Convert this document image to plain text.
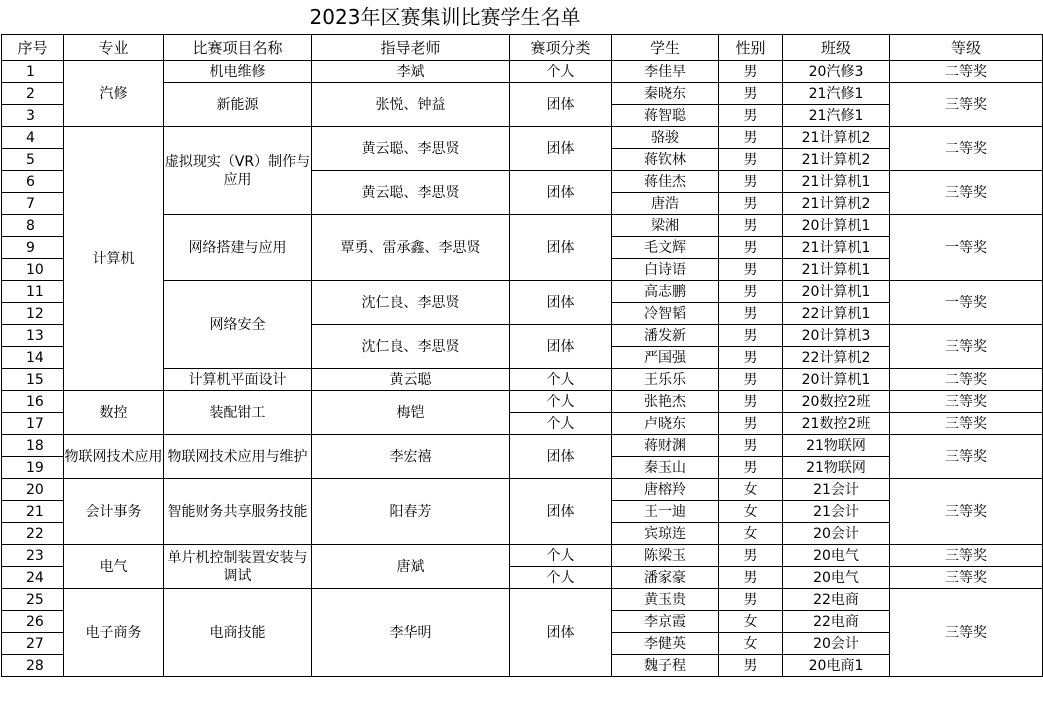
2023年区赛集训比赛学生名单
序号	专业	比赛项目名称	指导老师	赛项分类	学生	性别	班级	等级
1	汽修	机电维修	李斌	个人	李佳早	男	20汽修3	二等奖
2		新能源	张悦、钟益	团体	秦晓东	男	21汽修1	三等奖
3					蒋智聪	男	21汽修1	
4	计算机	虚拟现实（VR）制作与应用	黄云聪、李思贤	团体	骆骏	男	21计算机2	二等奖
5					蒋钦林	男	21计算机2	
6			黄云聪、李思贤	团体	蒋佳杰	男	21计算机1	三等奖
7					唐浩	男	21计算机2	
8		网络搭建与应用	覃勇、雷承鑫、李思贤	团体	梁湘	男	20计算机1	一等奖
9					毛文辉	男	21计算机1	
10					白诗语	男	21计算机1	
11		网络安全	沈仁良、李思贤	团体	高志鹏	男	20计算机1	一等奖
12					冷智韬	男	22计算机1	
13			沈仁良、李思贤	团体	潘发新	男	20计算机3	三等奖
14					严国强	男	22计算机2	
15		计算机平面设计	黄云聪	个人	王乐乐	男	20计算机1	二等奖
16	数控	装配钳工	梅铠	个人	张艳杰	男	20数控2班	三等奖
17				个人	卢晓东	男	21数控2班	三等奖
18	物联网技术应用	物联网技术应用与维护	李宏禧	团体	蒋财渊	男	21物联网	三等奖
19					秦玉山	男	21物联网	
20	会计事务	智能财务共享服务技能	阳春芳	团体	唐榕羚	女	21会计	三等奖
21					王一迪	女	21会计	
22					宾琼连	女	20会计	
23	电气	单片机控制装置安装与调试	唐斌	个人	陈梁玉	男	20电气	三等奖
24				个人	潘家豪	男	20电气	三等奖
25	电子商务	电商技能	李华明	团体	黄玉贵	男	22电商	三等奖
26					李京霞	女	22电商	
27					李健英	女	20会计	
28					魏子程	男	20电商1	
